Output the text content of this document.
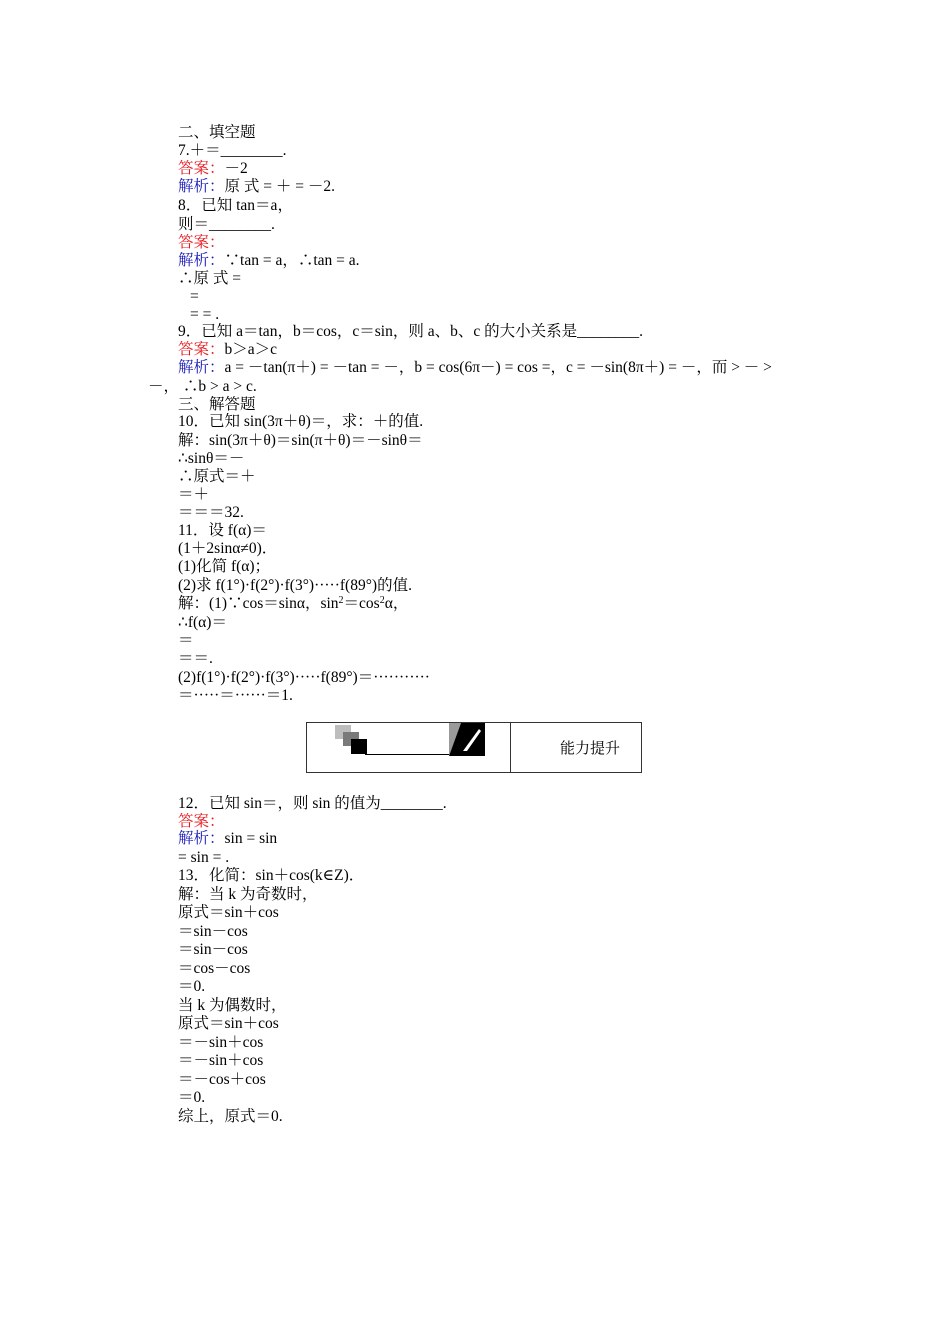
二、填空题
7.＋＝________.
答案：－2
解析：原 式 = ＋ = －2.
8．已知 tan＝a，
则＝________.
答案：
解析：∵tan = a，∴tan = a.
∴原 式 =
=
= = .
9．已知 a＝tan，b＝cos，c＝sin，则 a、b、c 的大小关系是________.
答案：b＞a＞c
解析：a = －tan(π＋) = －tan = －，b = cos(6π－) = cos =，c = －sin(8π＋) = －，而 > － >
－， ∴b > a > c.
三、解答题
10．已知 sin(3π＋θ)＝，求：＋的值.
解：sin(3π＋θ)＝sin(π＋θ)＝－sinθ＝
∴sinθ＝－
∴原式＝＋
＝＋
＝＝＝32.
11．设 f(α)＝
(1＋2sinα≠0)．
(1)化简 f(α)；
(2)求 f(1°)·f(2°)·f(3°)·····f(89°)的值.
解：(1)∵cos＝sinα，$\sin^2=\cos^2\alpha$，
∴f(α)＝
＝
＝＝.
(2)f(1°)·f(2°)·f(3°)·····f(89°)＝···········
＝·····＝······＝1.
能力提升
12．已知 sin＝，则 sin 的值为________.
答案：
解析：sin = sin
= sin = .
13．化简：sin＋cos(k∈Z)．
解：当 k 为奇数时，
原式＝sin＋cos
＝sin－cos
＝sin－cos
＝cos－cos
＝0.
当 k 为偶数时，
原式＝sin＋cos
＝－sin＋cos
＝－sin＋cos
＝－cos＋cos
＝0.
综上，原式＝0.
